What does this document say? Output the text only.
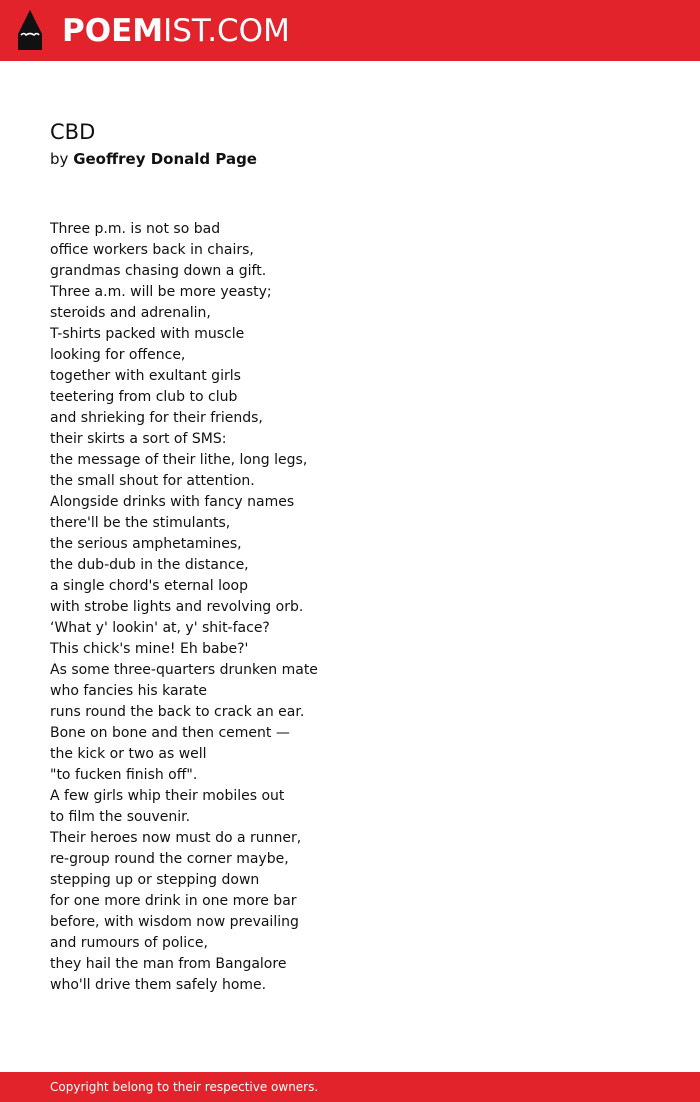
POEMIST.COM
CBD
by Geoffrey Donald Page
Three p.m. is not so bad
office workers back in chairs,
grandmas chasing down a gift.
Three a.m. will be more yeasty;
steroids and adrenalin,
T-shirts packed with muscle
looking for offence,
together with exultant girls
teetering from club to club
and shrieking for their friends,
their skirts a sort of SMS:
the message of their lithe, long legs,
the small shout for attention.
Alongside drinks with fancy names
there'll be the stimulants,
the serious amphetamines,
the dub-dub in the distance,
a single chord's eternal loop
with strobe lights and revolving orb.
‘What y' lookin' at, y' shit-face?
This chick's mine! Eh babe?'
As some three-quarters drunken mate
who fancies his karate
runs round the back to crack an ear.
Bone on bone and then cement —
the kick or two as well
"to fucken finish off".
A few girls whip their mobiles out
to film the souvenir.
Their heroes now must do a runner,
re-group round the corner maybe,
stepping up or stepping down
for one more drink in one more bar
before, with wisdom now prevailing
and rumours of police,
they hail the man from Bangalore
who'll drive them safely home.
Copyright belong to their respective owners.
